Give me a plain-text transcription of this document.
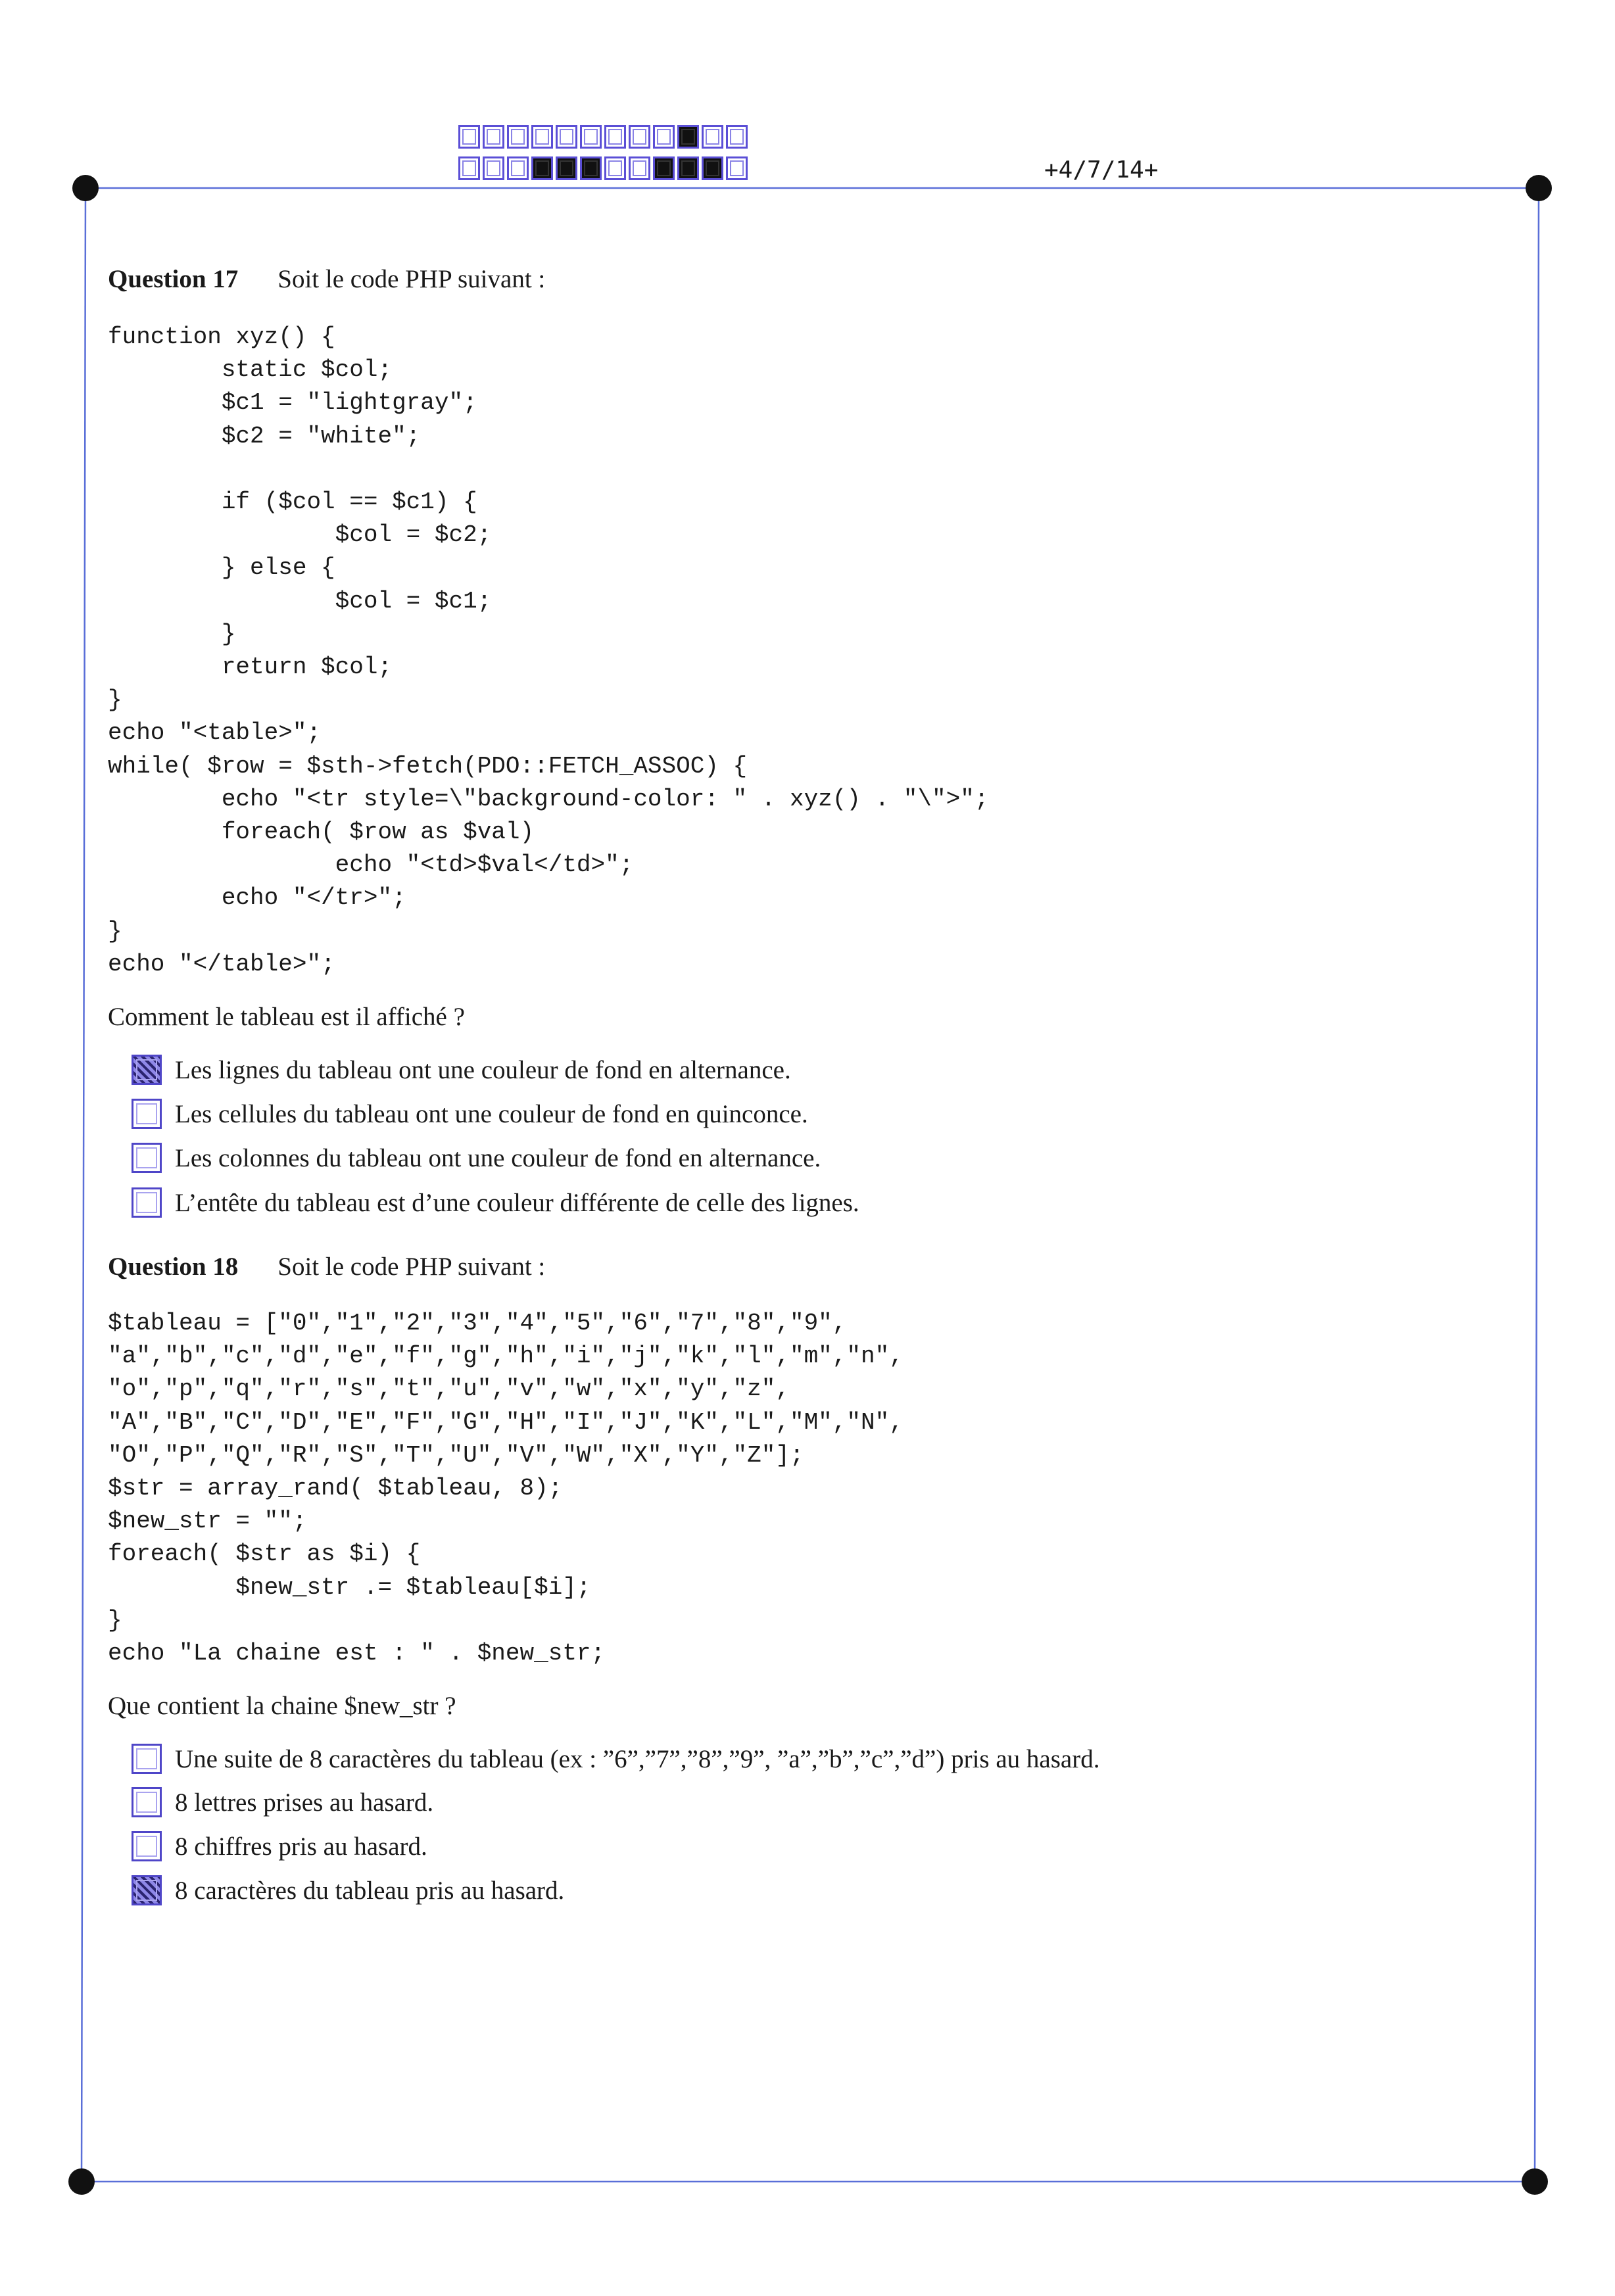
+4/7/14+
Question 17 Soit le code PHP suivant :
function xyz() {
static $col;
$c1 = "lightgray";
$c2 = "white";

if ($col == $c1) {
$col = $c2;
} else {
$col = $c1;
}
return $col;
}
echo "<table>";
while( $row = $sth->fetch(PDO::FETCH_ASSOC) {
echo "<tr style=\"background-color: " . xyz() . "\">";
foreach( $row as $val)
echo "<td>$val</td>";
echo "</tr>";
}
echo "</table>";
Comment le tableau est il affiché ?
Les lignes du tableau ont une couleur de fond en alternance.
Les cellules du tableau ont une couleur de fond en quinconce.
Les colonnes du tableau ont une couleur de fond en alternance.
L’entête du tableau est d’une couleur différente de celle des lignes.
Question 18 Soit le code PHP suivant :
$tableau = ["0","1","2","3","4","5","6","7","8","9",
"a","b","c","d","e","f","g","h","i","j","k","l","m","n",
"o","p","q","r","s","t","u","v","w","x","y","z",
"A","B","C","D","E","F","G","H","I","J","K","L","M","N",
"O","P","Q","R","S","T","U","V","W","X","Y","Z"];
$str = array_rand( $tableau, 8);
$new_str = "";
foreach( $str as $i) {
$new_str .= $tableau[$i];
}
echo "La chaine est : " . $new_str;
Que contient la chaine $new_str ?
Une suite de 8 caractères du tableau (ex : ”6”,”7”,”8”,”9”, ”a”,”b”,”c”,”d”) pris au hasard.
8 lettres prises au hasard.
8 chiffres pris au hasard.
8 caractères du tableau pris au hasard.
